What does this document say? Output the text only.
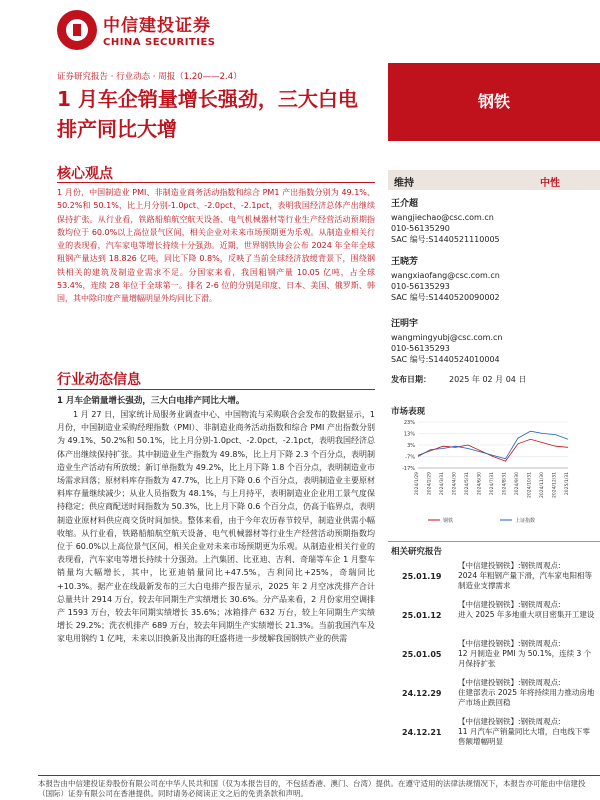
中信建投证券
CHINA SECURITIES
证券研究报告 · 行业动态 · 周报（1.20——2.4）
1 月车企销量增长强劲，三大白电排产同比大增
钢铁
核心观点
1 月份，中国制造业 PMI、非制造业商务活动指数和综合 PM1 产出指数分别为 49.1%、50.2%和 50.1%，比上月分别-1.0pct、-2.0pct、-2.1pct，表明我国经济总体产出继续保持扩张。从行业看，铁路船舶航空航天设备、电气机械器材等行业生产经营活动预期指数均位于 60.0%以上高位景气区间，相关企业对未来市场预期更为乐观。从制造业相关行业的表现看，汽车家电等增长持续十分强劲。近期，世界钢铁协会公布 2024 年全年全球粗钢产量达到 18.826 亿吨，同比下降 0.8%，反映了当前全球经济放缓背景下，围绕钢铁相关的建筑及制造业需求不足。分国家来看，我国粗钢产量 10.05 亿吨，占全球 53.4%，连续 28 年位于全球第一。排名 2-6 位的分别是印度、日本、美国、俄罗斯、韩国，其中除印度产量增幅明显外均同比下滑。
行业动态信息
1 月车企销量增长强劲，三大白电排产同比大增。
1 月 27 日，国家统计局服务业调查中心、中国物流与采购联合会发布的数据显示，1 月份，中国制造业采购经理指数（PMI）、非制造业商务活动指数和综合 PMI 产出指数分别为 49.1%、50.2%和 50.1%，比上月分别-1.0pct、-2.0pct、-2.1pct，表明我国经济总体产出继续保持扩张。其中制造业生产指数为 49.8%，比上月下降 2.3 个百分点，表明制造业生产活动有所放缓；新订单指数为 49.2%，比上月下降 1.8 个百分点，表明制造业市场需求回落；原材料库存指数为 47.7%，比上月下降 0.6 个百分点，表明制造业主要原材料库存量继续减少；从业人员指数为 48.1%，与上月持平，表明制造业企业用工景气度保持稳定；供应商配送时间指数为 50.3%，比上月下降 0.6 个百分点，仍高于临界点，表明制造业原材料供应商交货时间加快。整体来看，由于今年农历春节较早，制造业供需小幅收缩。从行业看，铁路船舶航空航天设备、电气机械器材等行业生产经营活动预期指数均位于 60.0%以上高位景气区间，相关企业对未来市场预期更为乐观。从制造业相关行业的表现看，汽车家电等增长持续十分强劲。上汽集团、比亚迪、吉利、奇瑞等车企 1 月整车销量均大幅增长，其中，比亚迪销量同比+47.5%，吉利同比+25%，奇瑞同比+10.3%。据产业在线最新发布的三大白电排产报告显示，2025 年 2 月空冰洗排产合计总量共计 2914 万台，较去年同期生产实绩增长 30.6%。分产品来看，2 月份家用空调排产 1593 万台，较去年同期实绩增长 35.6%；冰箱排产 632 万台，较上年同期生产实绩增长 29.2%；洗衣机排产 689 万台，较去年同期生产实绩增长 21.3%。当前我国汽车及家电用钢约 1 亿吨，未来以旧换新及出海的旺盛将进一步缓解我国钢铁产业的供需
维持	中性
王介超
wangjiechao@csc.com.cn
010-56135290
SAC 编号:S1440521110005
王晓芳
wangxiaofang@csc.com.cn
010-56135293
SAC 编号:S1440520090002
汪明宇
wangmingyubj@csc.com.cn
010-56135293
SAC 编号:S1440524010004
发布日期： 2025 年 02 月 04 日
市场表现
23%
13%
3%
-7%
-17%
2024/1/29 2024/2/29 2024/3/31 2024/4/30 2024/5/31 2024/6/30 2024/7/31 2024/8/31 2024/9/30 2024/10/31 2024/11/30 2024/12/31 2025/1/31
钢铁	上证指数
相关研究报告
25.01.19
【中信建投钢铁】:钢铁周观点:
2024 年粗钢产量下滑，汽车家电阳相等制造业支撑需求
25.01.12
【中信建投钢铁】:钢铁周观点:
进入 2025 年多地重大项目密集开工建设
25.01.05
【中信建投钢铁】:钢铁周观点:
12 月制造业 PMI 为 50.1%，连续 3 个月保持扩张
24.12.29
【中信建投钢铁】:钢铁周观点:
住建部表示 2025 年将持续用力推动房地产市场止跌回稳
24.12.21
【中信建投钢铁】:钢铁周观点:
11 月汽车产销量同比大增，白电线下零售额增幅明显
本报告由中信建投证券股份有限公司在中华人民共和国（仅为本报告目的，不包括香港、澳门、台湾）提供。在遵守适用的法律法规情况下，本报告亦可能由中信建投（国际）证券有限公司在香港提供。同时请务必阅读正文之后的免责条款和声明。
